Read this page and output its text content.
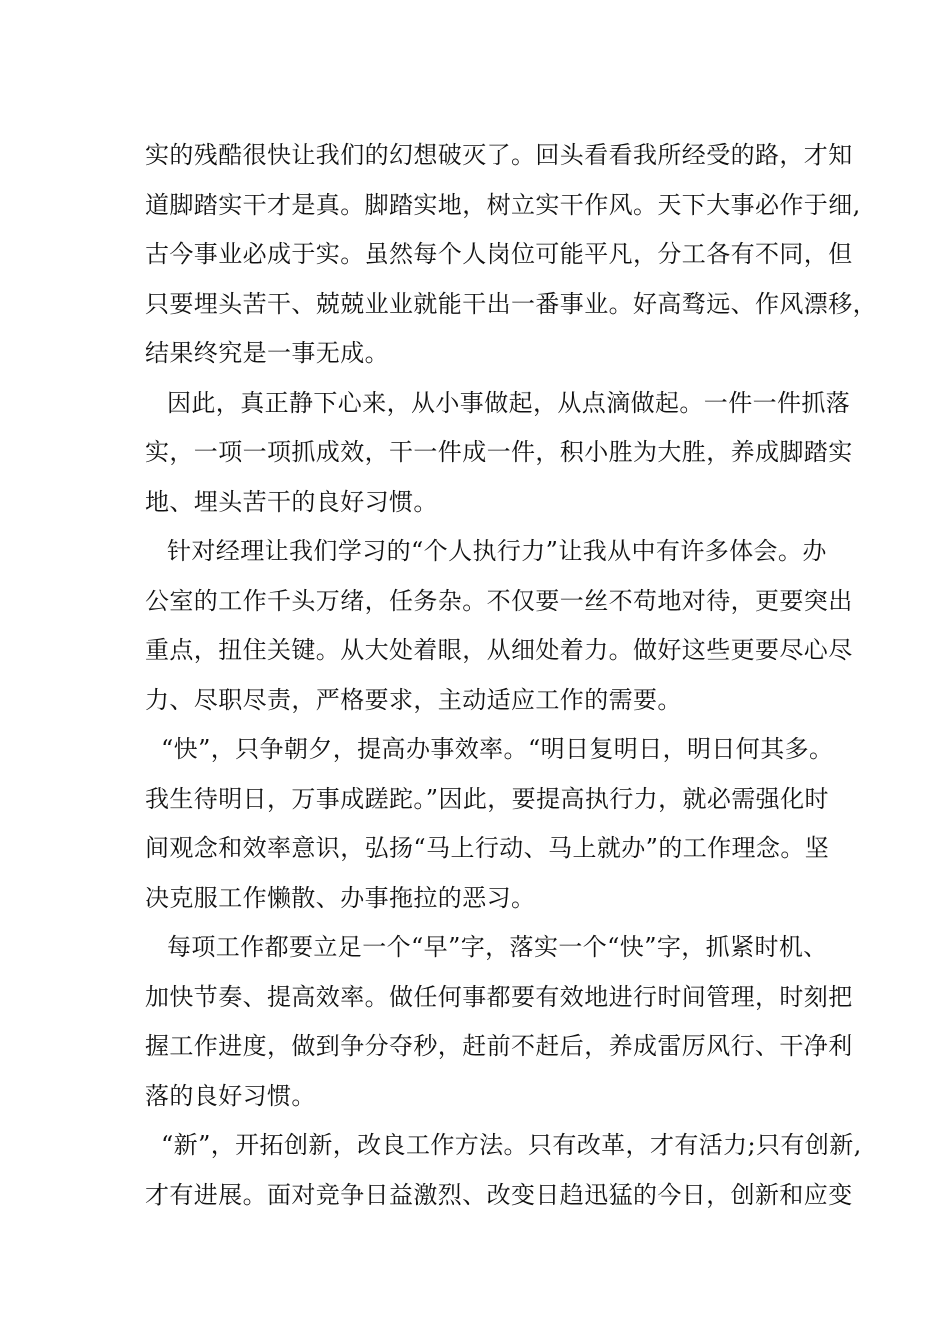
实的残酷很快让我们的幻想破灭了。回头看看我所经受的路，才知
道脚踏实干才是真。脚踏实地，树立实干作风。天下大事必作于细,
古今事业必成于实。虽然每个人岗位可能平凡，分工各有不同，但
只要埋头苦干、兢兢业业就能干出一番事业。好高骛远、作风漂移，
结果终究是一事无成。
因此，真正静下心来，从小事做起，从点滴做起。一件一件抓落
实，一项一项抓成效，干一件成一件，积小胜为大胜，养成脚踏实
地、埋头苦干的良好习惯。
针对经理让我们学习的“个人执行力”让我从中有许多体会。办
公室的工作千头万绪，任务杂。不仅要一丝不苟地对待，更要突出
重点，扭住关键。从大处着眼，从细处着力。做好这些更要尽心尽
力、尽职尽责，严格要求，主动适应工作的需要。
“快”，只争朝夕，提高办事效率。“明日复明日，明日何其多。
我生待明日，万事成蹉跎。”因此，要提高执行力，就必需强化时
间观念和效率意识，弘扬“马上行动、马上就办”的工作理念。坚
决克服工作懒散、办事拖拉的恶习。
每项工作都要立足一个“早”字，落实一个“快”字，抓紧时机、
加快节奏、提高效率。做任何事都要有效地进行时间管理，时刻把
握工作进度，做到争分夺秒，赶前不赶后，养成雷厉风行、干净利
落的良好习惯。
“新”，开拓创新，改良工作方法。只有改革，才有活力;只有创新,
才有进展。面对竞争日益激烈、改变日趋迅猛的今日，创新和应变
